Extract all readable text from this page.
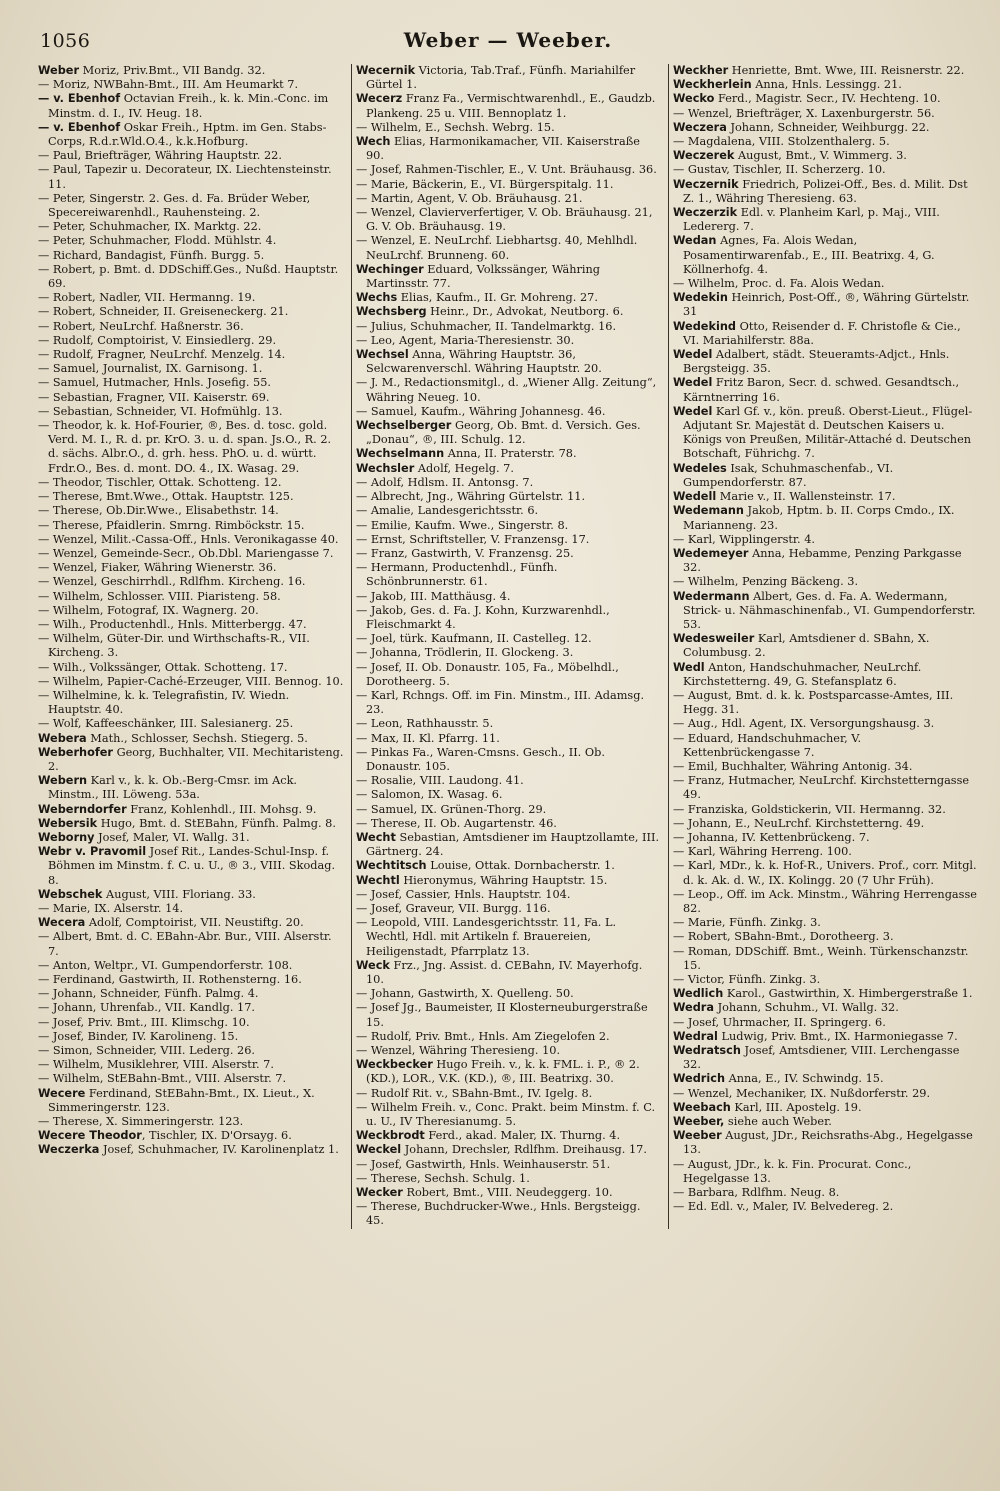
1056	Weber — Weeber.

Weber Moriz, Priv.Bmt., VII Bandg. 32.

— Moriz, NWBahn-Bmt., III. Am Heumarkt 7.

— v. Ebenhof Octavian Freih., k. k. Min.-Conc. im Minstm. d. I., IV. Heug. 18.

— v. Ebenhof Oskar Freih., Hptm. im Gen. Stabs-Corps, R.d.r.Wld.O.4., k.k.Hofburg.

— Paul, Briefträger, Währing Hauptstr. 22.

— Paul, Tapezir u. Decorateur, IX. Liechtensteinstr. 11.

— Peter, Singerstr. 2. Ges. d. Fa. Brüder Weber, Specereiwarenhdl., Rauhensteing. 2.

— Peter, Schuhmacher, IX. Marktg. 22.

— Peter, Schuhmacher, Flodd. Mühlstr. 4.

— Richard, Bandagist, Fünfh. Burgg. 5.

— Robert, p. Bmt. d. DDSchiff.Ges., Nußd. Hauptstr. 69.

— Robert, Nadler, VII. Hermanng. 19.

— Robert, Schneider, II. Greiseneckerg. 21.

— Robert, NeuLrchf. Haßnerstr. 36.

— Rudolf, Comptoirist, V. Einsiedlerg. 29.

— Rudolf, Fragner, NeuLrchf. Menzelg. 14.

— Samuel, Journalist, IX. Garnisong. 1.

— Samuel, Hutmacher, Hnls. Josefig. 55.

— Sebastian, Fragner, VII. Kaiserstr. 69.

— Sebastian, Schneider, VI. Hofmühlg. 13.

— Theodor, k. k. Hof-Fourier, ®, Bes. d. tosc. gold. Verd. M. I., R. d. pr. KrO. 3. u. d. span. Js.O., R. 2. d. sächs. Albr.O., d. grh. hess. PhO. u. d. württ. Frdr.O., Bes. d. mont. DO. 4., IX. Wasag. 29.

— Theodor, Tischler, Ottak. Schotteng. 12.

— Therese, Bmt.Wwe., Ottak. Hauptstr. 125.

— Therese, Ob.Dir.Wwe., Elisabethstr. 14.

— Therese, Pfaidlerin. Smrng. Rimböckstr. 15.

— Wenzel, Milit.-Cassa-Off., Hnls. Veronikagasse 40.

— Wenzel, Gemeinde-Secr., Ob.Dbl. Mariengasse 7.

— Wenzel, Fiaker, Währing Wienerstr. 36.

— Wenzel, Geschirrhdl., Rdlfhm. Kircheng. 16.

— Wilhelm, Schlosser. VIII. Piaristeng. 58.

— Wilhelm, Fotograf, IX. Wagnerg. 20.

— Wilh., Productenhdl., Hnls. Mitterbergg. 47.

— Wilhelm, Güter-Dir. und Wirthschafts-R., VII. Kircheng. 3.

— Wilh., Volkssänger, Ottak. Schotteng. 17.

— Wilhelm, Papier-Caché-Erzeuger, VIII. Bennog. 10.

— Wilhelmine, k. k. Telegrafistin, IV. Wiedn. Hauptstr. 40.

— Wolf, Kaffeeschänker, III. Salesianerg. 25.

Webera Math., Schlosser, Sechsh. Stiegerg. 5.

Weberhofer Georg, Buchhalter, VII. Mechitaristeng. 2.

Webern Karl v., k. k. Ob.-Berg-Cmsr. im Ack. Minstm., III. Löweng. 53a.

Weberndorfer Franz, Kohlenhdl., III. Mohsg. 9.

Webersik Hugo, Bmt. d. StEBahn, Fünfh. Palmg. 8.

Weborny Josef, Maler, VI. Wallg. 31.

Webr v. Pravomil Josef Rit., Landes-Schul-Insp. f. Böhmen im Minstm. f. C. u. U., ® 3., VIII. Skodag. 8.

Webschek August, VIII. Floriang. 33.

— Marie, IX. Alserstr. 14.

Wecera Adolf, Comptoirist, VII. Neustiftg. 20.

— Albert, Bmt. d. C. EBahn-Abr. Bur., VIII. Alserstr. 7.

— Anton, Weltpr., VI. Gumpendorferstr. 108.

— Ferdinand, Gastwirth, II. Rothensterng. 16.

— Johann, Schneider, Fünfh. Palmg. 4.

— Johann, Uhrenfab., VII. Kandlg. 17.

— Josef, Priv. Bmt., III. Klimschg. 10.

— Josef, Binder, IV. Karolineng. 15.

— Simon, Schneider, VIII. Lederg. 26.

— Wilhelm, Musiklehrer, VIII. Alserstr. 7.

— Wilhelm, StEBahn-Bmt., VIII. Alserstr. 7.

Wecere Ferdinand, StEBahn-Bmt., IX. Lieut., X. Simmeringerstr. 123.

— Therese, X. Simmeringerstr. 123.

Wecere Theodor, Tischler, IX. D'Orsayg. 6.

Weczerka Josef, Schuhmacher, IV. Karolinenplatz 1.

Wecernik Victoria, Tab.Traf., Fünfh. Mariahilfer Gürtel 1.

Wecerz Franz Fa., Vermischtwarenhdl., E., Gaudzb. Plankeng. 25 u. VIII. Bennoplatz 1.

— Wilhelm, E., Sechsh. Webrg. 15.

Wech Elias, Harmonikamacher, VII. Kaiserstraße 90.

— Josef, Rahmen-Tischler, E., V. Unt. Bräuhausg. 36.

— Marie, Bäckerin, E., VI. Bürgerspitalg. 11.

— Martin, Agent, V. Ob. Bräuhausg. 21.

— Wenzel, Clavierverfertiger, V. Ob. Bräuhausg. 21, G. V. Ob. Bräuhausg. 19.

— Wenzel, E. NeuLrchf. Liebhartsg. 40, Mehlhdl. NeuLrchf. Brunneng. 60.

Wechinger Eduard, Volkssänger, Währing Martinsstr. 77.

Wechs Elias, Kaufm., II. Gr. Mohreng. 27.

Wechsberg Heinr., Dr., Advokat, Neutborg. 6.

— Julius, Schuhmacher, II. Tandelmarktg. 16.

— Leo, Agent, Maria-Theresienstr. 30.

Wechsel Anna, Währing Hauptstr. 36, Selcwarenverschl. Währing Hauptstr. 20.

— J. M., Redactionsmitgl., d. „Wiener Allg. Zeitung“, Währing Neueg. 10.

— Samuel, Kaufm., Währing Johannesg. 46.

Wechselberger Georg, Ob. Bmt. d. Versich. Ges. „Donau“, ®, III. Schulg. 12.

Wechselmann Anna, II. Praterstr. 78.

Wechsler Adolf, Hegelg. 7.

— Adolf, Hdlsm. II. Antonsg. 7.

— Albrecht, Jng., Währing Gürtelstr. 11.

— Amalie, Landesgerichtsstr. 6.

— Emilie, Kaufm. Wwe., Singerstr. 8.

— Ernst, Schriftsteller, V. Franzensg. 17.

— Franz, Gastwirth, V. Franzensg. 25.

— Hermann, Productenhdl., Fünfh. Schönbrunnerstr. 61.

— Jakob, III. Matthäusg. 4.

— Jakob, Ges. d. Fa. J. Kohn, Kurzwarenhdl., Fleischmarkt 4.

— Joel, türk. Kaufmann, II. Castelleg. 12.

— Johanna, Trödlerin, II. Glockeng. 3.

— Josef, II. Ob. Donaustr. 105, Fa., Möbelhdl., Dorotheerg. 5.

— Karl, Rchngs. Off. im Fin. Minstm., III. Adamsg. 23.

— Leon, Rathhausstr. 5.

— Max, II. Kl. Pfarrg. 11.

— Pinkas Fa., Waren-Cmsns. Gesch., II. Ob. Donaustr. 105.

— Rosalie, VIII. Laudong. 41.

— Salomon, IX. Wasag. 6.

— Samuel, IX. Grünen-Thorg. 29.

— Therese, II. Ob. Augartenstr. 46.

Wecht Sebastian, Amtsdiener im Hauptzollamte, III. Gärtnerg. 24.

Wechtitsch Louise, Ottak. Dornbacherstr. 1.

Wechtl Hieronymus, Währing Hauptstr. 15.

— Josef, Cassier, Hnls. Hauptstr. 104.

— Josef, Graveur, VII. Burgg. 116.

— Leopold, VIII. Landesgerichtsstr. 11, Fa. L. Wechtl, Hdl. mit Artikeln f. Brauereien, Heiligenstadt, Pfarrplatz 13.

Weck Frz., Jng. Assist. d. CEBahn, IV. Mayerhofg. 10.

— Johann, Gastwirth, X. Quelleng. 50.

— Josef Jg., Baumeister, II Klosterneuburgerstraße 15.

— Rudolf, Priv. Bmt., Hnls. Am Ziegelofen 2.

— Wenzel, Währing Theresieng. 10.

Weckbecker Hugo Freih. v., k. k. FML. i. P., ® 2. (KD.), LOR., V.K. (KD.), ®, III. Beatrixg. 30.

— Rudolf Rit. v., SBahn-Bmt., IV. Igelg. 8.

— Wilhelm Freih. v., Conc. Prakt. beim Minstm. f. C. u. U., IV Theresianumg. 5.

Weckbrodt Ferd., akad. Maler, IX. Thurng. 4.

Weckel Johann, Drechsler, Rdlfhm. Dreihausg. 17.

— Josef, Gastwirth, Hnls. Weinhauserstr. 51.

— Therese, Sechsh. Schulg. 1.

Wecker Robert, Bmt., VIII. Neudeggerg. 10.

— Therese, Buchdrucker-Wwe., Hnls. Bergsteigg. 45.

Weckher Henriette, Bmt. Wwe, III. Reisnerstr. 22.

Weckherlein Anna, Hnls. Lessingg. 21.

Wecko Ferd., Magistr. Secr., IV. Hechteng. 10.

— Wenzel, Briefträger, X. Laxenburgerstr. 56.

Weczera Johann, Schneider, Weihburgg. 22.

— Magdalena, VIII. Stolzenthalerg. 5.

Weczerek August, Bmt., V. Wimmerg. 3.

— Gustav, Tischler, II. Scherzerg. 10.

Weczernik Friedrich, Polizei-Off., Bes. d. Milit. Dst Z. 1., Währing Theresieng. 63.

Weczerzik Edl. v. Planheim Karl, p. Maj., VIII. Ledererg. 7.

Wedan Agnes, Fa. Alois Wedan, Posamentirwarenfab., E., III. Beatrixg. 4, G. Köllnerhofg. 4.

— Wilhelm, Proc. d. Fa. Alois Wedan.

Wedekin Heinrich, Post-Off., ®, Währing Gürtelstr. 31

Wedekind Otto, Reisender d. F. Christofle & Cie., VI. Mariahilferstr. 88a.

Wedel Adalbert, städt. Steueramts-Adjct., Hnls. Bergsteigg. 35.

Wedel Fritz Baron, Secr. d. schwed. Gesandtsch., Kärntnerring 16.

Wedel Karl Gf. v., kön. preuß. Oberst-Lieut., Flügel-Adjutant Sr. Majestät d. Deutschen Kaisers u. Königs von Preußen, Militär-Attaché d. Deutschen Botschaft, Führichg. 7.

Wedeles Isak, Schuhmaschenfab., VI. Gumpendorferstr. 87.

Wedell Marie v., II. Wallensteinstr. 17.

Wedemann Jakob, Hptm. b. II. Corps Cmdo., IX. Marianneng. 23.

— Karl, Wipplingerstr. 4.

Wedemeyer Anna, Hebamme, Penzing Parkgasse 32.

— Wilhelm, Penzing Bäckeng. 3.

Wedermann Albert, Ges. d. Fa. A. Wedermann, Strick- u. Nähmaschinenfab., VI. Gumpendorferstr. 53.

Wedesweiler Karl, Amtsdiener d. SBahn, X. Columbusg. 2.

Wedl Anton, Handschuhmacher, NeuLrchf. Kirchstetterng. 49, G. Stefansplatz 6.

— August, Bmt. d. k. k. Postsparcasse-Amtes, III. Hegg. 31.

— Aug., Hdl. Agent, IX. Versorgungshausg. 3.

— Eduard, Handschuhmacher, V. Kettenbrückengasse 7.

— Emil, Buchhalter, Währing Antonig. 34.

— Franz, Hutmacher, NeuLrchf. Kirchstetterngasse 49.

— Franziska, Goldstickerin, VII. Hermanng. 32.

— Johann, E., NeuLrchf. Kirchstetterng. 49.

— Johanna, IV. Kettenbrückeng. 7.

— Karl, Währing Herreng. 100.

— Karl, MDr., k. k. Hof-R., Univers. Prof., corr. Mitgl. d. k. Ak. d. W., IX. Kolingg. 20 (7 Uhr Früh).

— Leop., Off. im Ack. Minstm., Währing Herrengasse 82.

— Marie, Fünfh. Zinkg. 3.

— Robert, SBahn-Bmt., Dorotheerg. 3.

— Roman, DDSchiff. Bmt., Weinh. Türkenschanzstr. 15.

— Victor, Fünfh. Zinkg. 3.

Wedlich Karol., Gastwirthin, X. Himbergerstraße 1.

Wedra Johann, Schuhm., VI. Wallg. 32.

— Josef, Uhrmacher, II. Springerg. 6.

Wedral Ludwig, Priv. Bmt., IX. Harmoniegasse 7.

Wedratsch Josef, Amtsdiener, VIII. Lerchengasse 32.

Wedrich Anna, E., IV. Schwindg. 15.

— Wenzel, Mechaniker, IX. Nußdorferstr. 29.

Weebach Karl, III. Apostelg. 19.

Weeber, siehe auch Weber.

Weeber August, JDr., Reichsraths-Abg., Hegelgasse 13.

— August, JDr., k. k. Fin. Procurat. Conc., Hegelgasse 13.

— Barbara, Rdlfhm. Neug. 8.

— Ed. Edl. v., Maler, IV. Belvedereg. 2.
